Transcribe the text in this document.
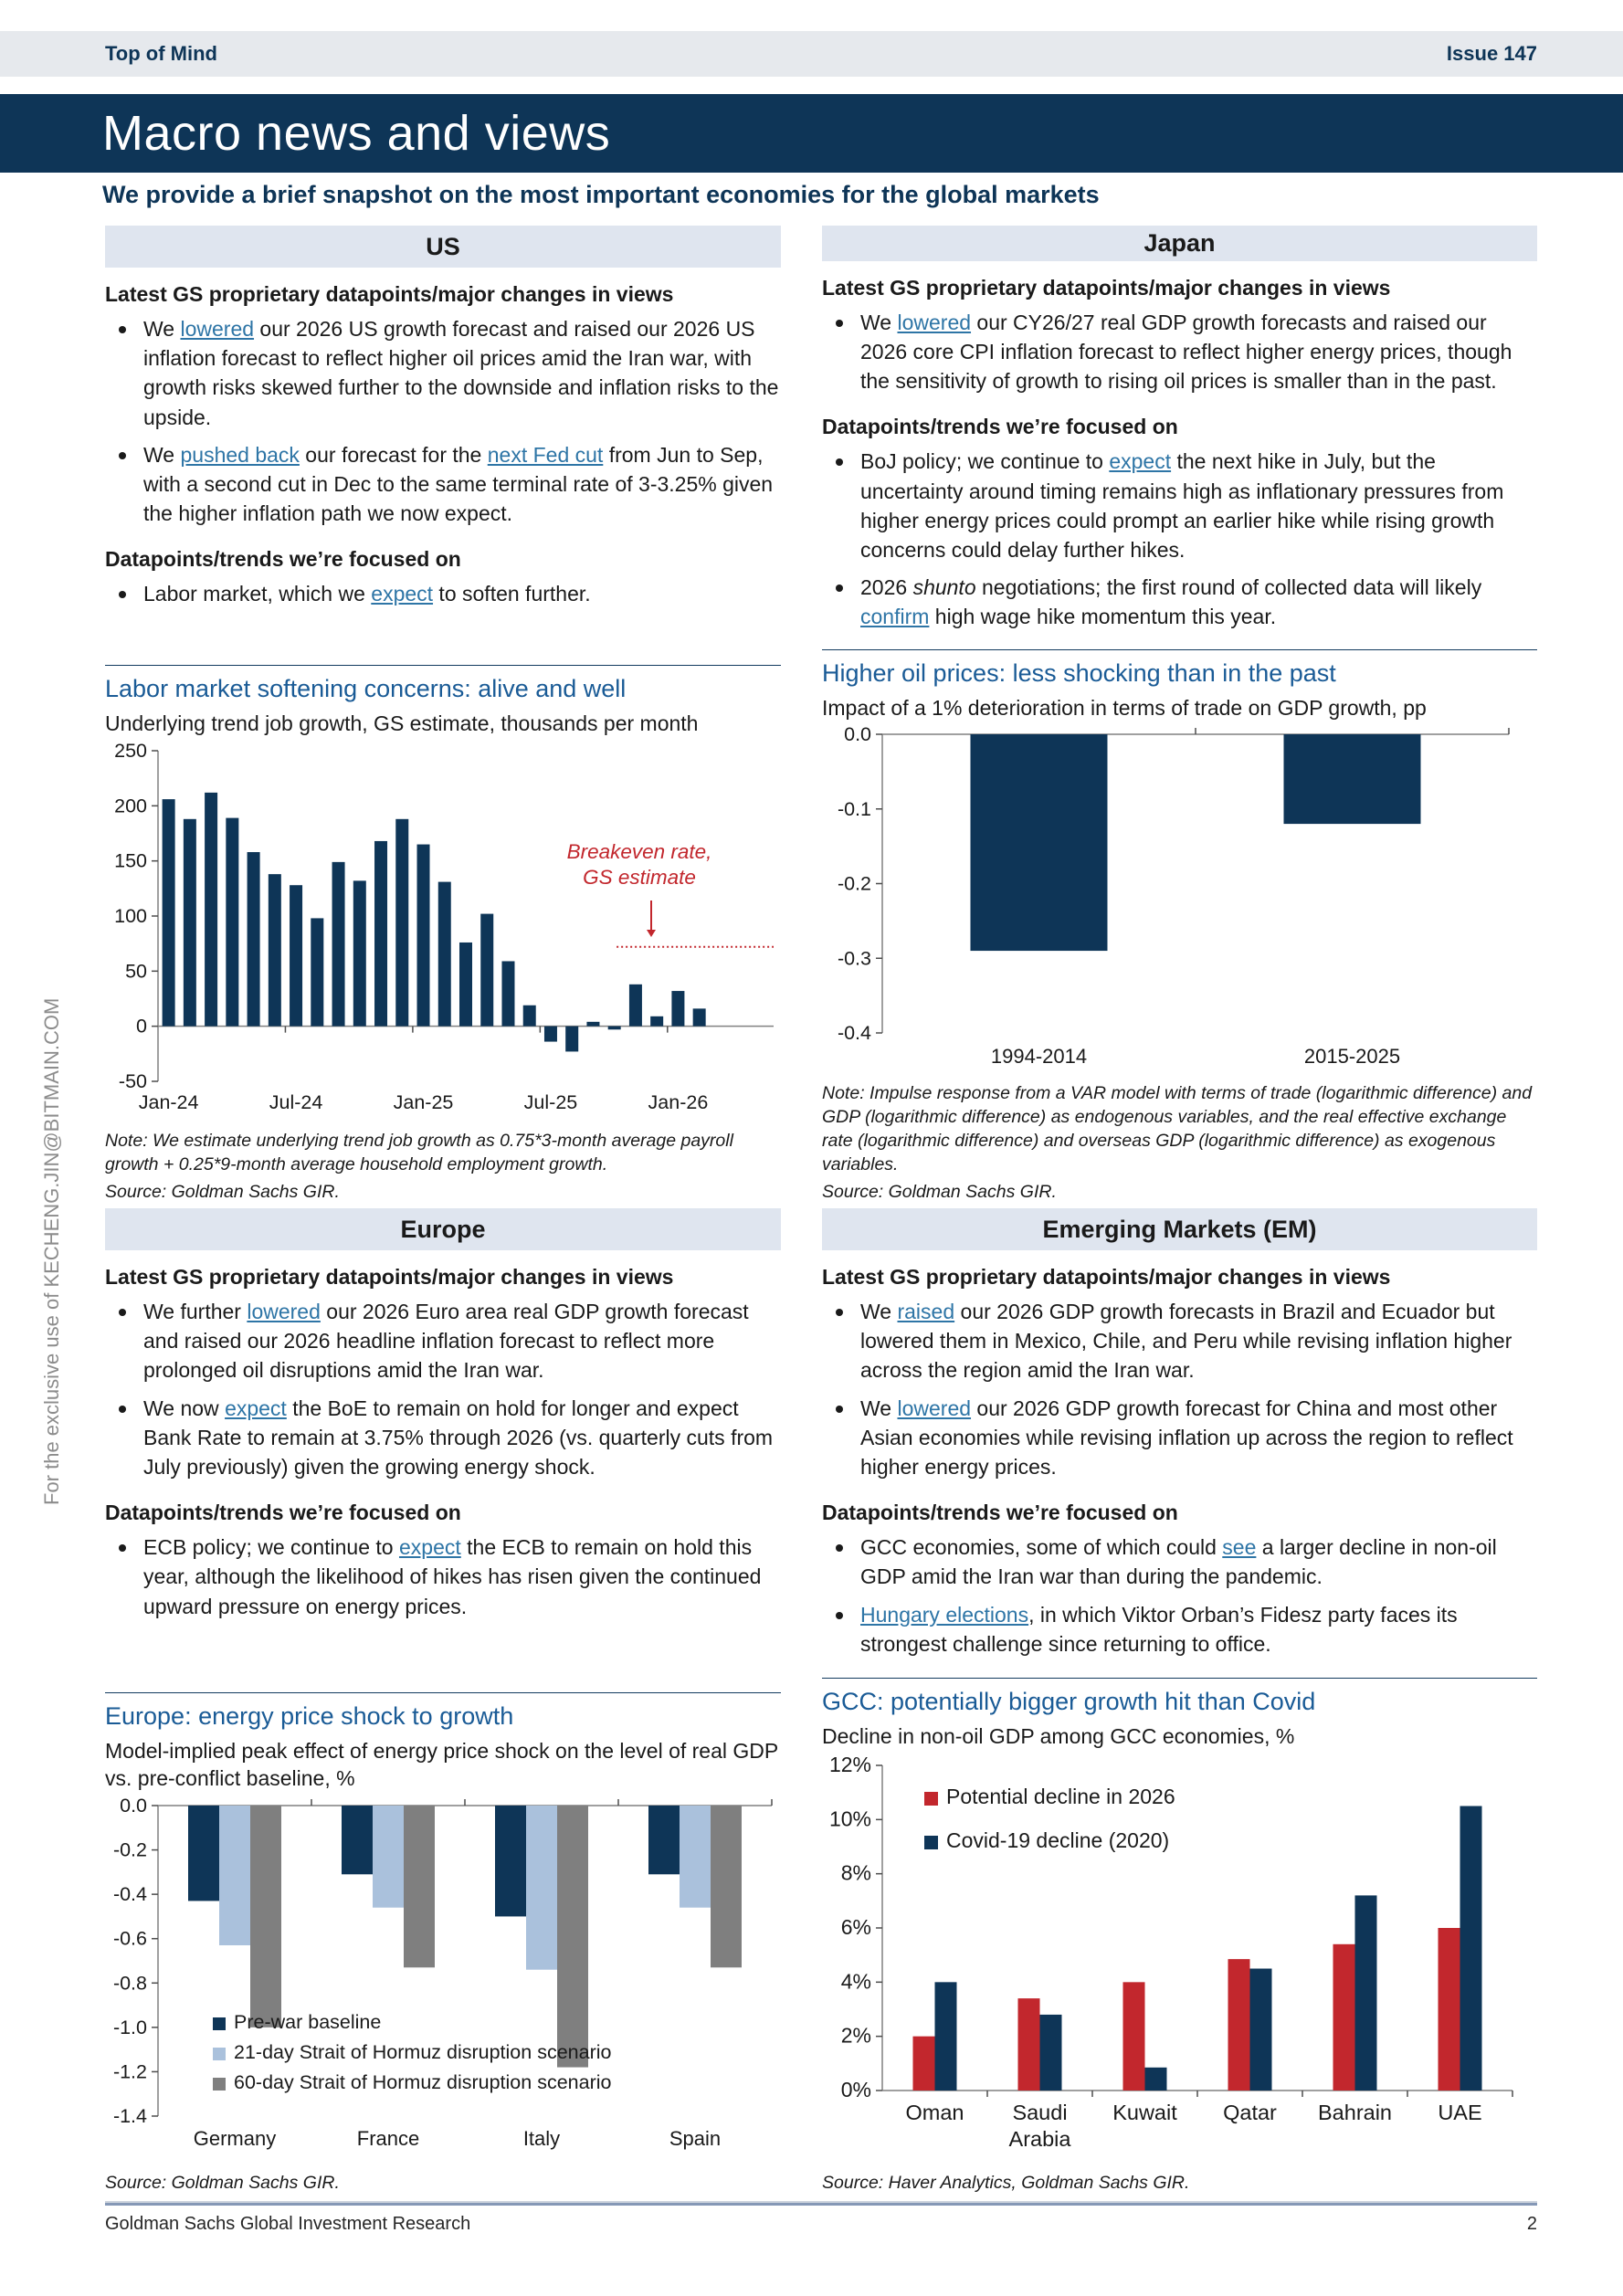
For the exclusive use of KECHENG.JIN@BITMAIN.COM
Top of Mind	Issue 147
Macro news and views
We provide a brief snapshot on the most important economies for the global markets
US
Latest GS proprietary datapoints/major changes in views
We lowered our 2026 US growth forecast and raised our 2026 US inflation forecast to reflect higher oil prices amid the Iran war, with growth risks skewed further to the downside and inflation risks to the upside.
We pushed back our forecast for the next Fed cut from Jun to Sep, with a second cut in Dec to the same terminal rate of 3-3.25% given the higher inflation path we now expect.
Datapoints/trends we’re focused on
Labor market, which we expect to soften further.
Labor market softening concerns: alive and well
Underlying trend job growth, GS estimate, thousands per month
250
200
150
100
50
0
-50
Jan-24	Jul-24	Jan-25	Jul-25	Jan-26
Breakeven rate,
GS estimate
Note: We estimate underlying trend job growth as 0.75*3-month average payroll growth + 0.25*9-month average household employment growth.
Source: Goldman Sachs GIR.
Japan
Latest GS proprietary datapoints/major changes in views
We lowered our CY26/27 real GDP growth forecasts and raised our 2026 core CPI inflation forecast to reflect higher energy prices, though the sensitivity of growth to rising oil prices is smaller than in the past.
Datapoints/trends we’re focused on
BoJ policy; we continue to expect the next hike in July, but the uncertainty around timing remains high as inflationary pressures from higher energy prices could prompt an earlier hike while rising growth concerns could delay further hikes.
2026 shunto negotiations; the first round of collected data will likely confirm high wage hike momentum this year.
Higher oil prices: less shocking than in the past
Impact of a 1% deterioration in terms of trade on GDP growth, pp
0.0
-0.1
-0.2
-0.3
-0.4
1994-2014	2015-2025
Note: Impulse response from a VAR model with terms of trade (logarithmic difference) and GDP (logarithmic difference) as endogenous variables, and the real effective exchange rate (logarithmic difference) and overseas GDP (logarithmic difference) as exogenous variables.
Source: Goldman Sachs GIR.
Europe
Latest GS proprietary datapoints/major changes in views
We further lowered our 2026 Euro area real GDP growth forecast and raised our 2026 headline inflation forecast to reflect more prolonged oil disruptions amid the Iran war.
We now expect the BoE to remain on hold for longer and expect Bank Rate to remain at 3.75% through 2026 (vs. quarterly cuts from July previously) given the growing energy shock.
Datapoints/trends we’re focused on
ECB policy; we continue to expect the ECB to remain on hold this year, although the likelihood of hikes has risen given the continued upward pressure on energy prices.
Europe: energy price shock to growth
Model-implied peak effect of energy price shock on the level of real GDP vs. pre-conflict baseline, %
0.0
-0.2
-0.4
-0.6
-0.8
-1.0
-1.2
-1.4
Germany	France	Italy	Spain
Pre-war baseline
21-day Strait of Hormuz disruption scenario
60-day Strait of Hormuz disruption scenario
Source: Goldman Sachs GIR.
Emerging Markets (EM)
Latest GS proprietary datapoints/major changes in views
We raised our 2026 GDP growth forecasts in Brazil and Ecuador but lowered them in Mexico, Chile, and Peru while revising inflation higher across the region amid the Iran war.
We lowered our 2026 GDP growth forecast for China and most other Asian economies while revising inflation up across the region to reflect higher energy prices.
Datapoints/trends we’re focused on
GCC economies, some of which could see a larger decline in non-oil GDP amid the Iran war than during the pandemic.
Hungary elections, in which Viktor Orban’s Fidesz party faces its strongest challenge since returning to office.
GCC: potentially bigger growth hit than Covid
Decline in non-oil GDP among GCC economies, %
12%
10%
8%
6%
4%
2%
0%
Oman Saudi
Arabia
Kuwait Qatar Bahrain UAE
Potential decline in 2026
Covid-19 decline (2020)
Source: Haver Analytics, Goldman Sachs GIR.
Goldman Sachs Global Investment Research	2
